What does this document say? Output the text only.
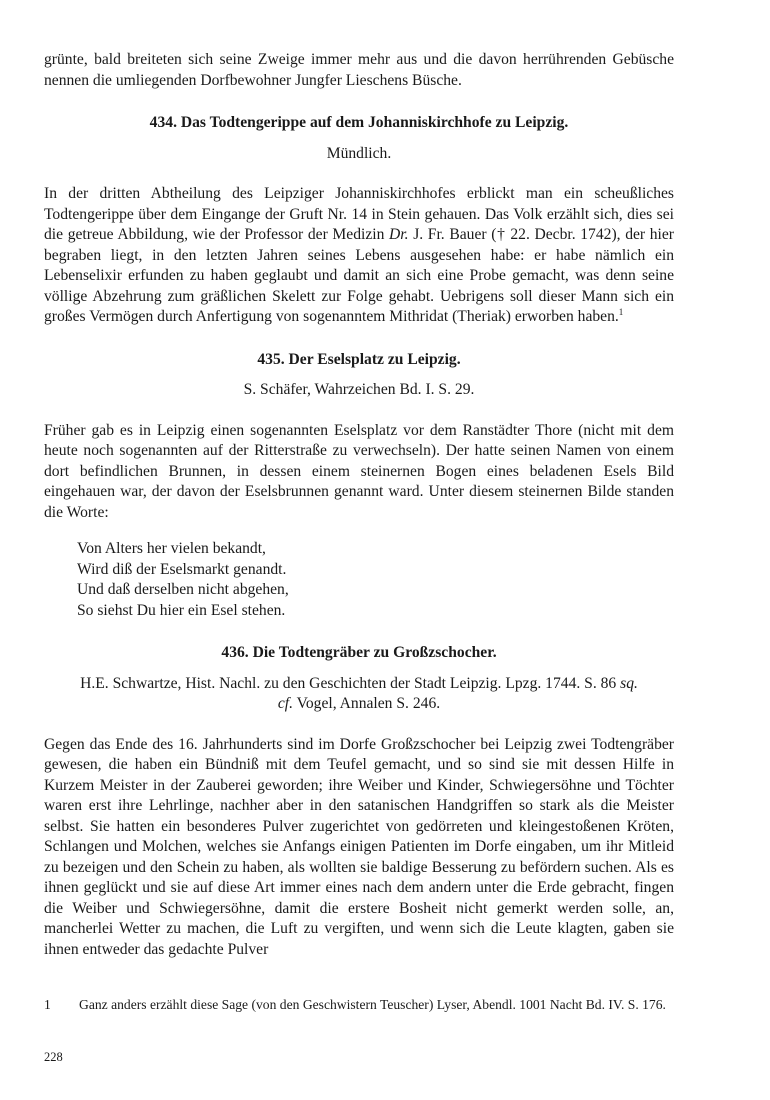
grünte, bald breiteten sich seine Zweige immer mehr aus und die davon herrührenden Gebüsche nennen die umliegenden Dorfbewohner Jungfer Lieschens Büsche.

434. Das Todtengerippe auf dem Johanniskirchhofe zu Leipzig.

Mündlich.

In der dritten Abtheilung des Leipziger Johanniskirchhofes erblickt man ein scheußliches Todtengerippe über dem Eingange der Gruft Nr. 14 in Stein gehauen. Das Volk erzählt sich, dies sei die getreue Abbildung, wie der Professor der Medizin Dr. J. Fr. Bauer († 22. Decbr. 1742), der hier begraben liegt, in den letzten Jahren seines Lebens ausgesehen habe: er habe nämlich ein Lebenselixir erfunden zu haben geglaubt und damit an sich eine Probe gemacht, was denn seine völlige Abzehrung zum gräßlichen Skelett zur Folge gehabt. Uebrigens soll dieser Mann sich ein großes Vermögen durch Anfertigung von sogenanntem Mithridat (Theriak) erworben haben.$^1$

435. Der Eselsplatz zu Leipzig.

S. Schäfer, Wahrzeichen Bd. I. S. 29.

Früher gab es in Leipzig einen sogenannten Eselsplatz vor dem Ranstädter Thore (nicht mit dem heute noch sogenannten auf der Ritterstraße zu verwechseln). Der hatte seinen Namen von einem dort befindlichen Brunnen, in dessen einem steinernen Bogen eines beladenen Esels Bild eingehauen war, der davon der Eselsbrunnen genannt ward. Unter diesem steinernen Bilde standen die Worte:

Von Alters her vielen bekandt,
Wird diß der Eselsmarkt genandt.
Und daß derselben nicht abgehen,
So siehst Du hier ein Esel stehen.

436. Die Todtengräber zu Großzschocher.

H.E. Schwartze, Hist. Nachl. zu den Geschichten der Stadt Leipzig. Lpzg. 1744. S. 86 sq.
cf. Vogel, Annalen S. 246.

Gegen das Ende des 16. Jahrhunderts sind im Dorfe Großzschocher bei Leipzig zwei Todtengräber gewesen, die haben ein Bündniß mit dem Teufel gemacht, und so sind sie mit dessen Hilfe in Kurzem Meister in der Zauberei geworden; ihre Weiber und Kinder, Schwiegersöhne und Töchter waren erst ihre Lehrlinge, nachher aber in den satanischen Handgriffen so stark als die Meister selbst. Sie hatten ein besonderes Pulver zugerichtet von gedörreten und kleingestoßenen Kröten, Schlangen und Molchen, welches sie Anfangs einigen Patienten im Dorfe eingaben, um ihr Mitleid zu bezeigen und den Schein zu haben, als wollten sie baldige Besserung zu befördern suchen. Als es ihnen geglückt und sie auf diese Art immer eines nach dem andern unter die Erde gebracht, fingen die Weiber und Schwiegersöhne, damit die erstere Bosheit nicht gemerkt werden solle, an, mancherlei Wetter zu machen, die Luft zu vergiften, und wenn sich die Leute klagten, gaben sie ihnen entweder das gedachte Pulver

1	Ganz anders erzählt diese Sage (von den Geschwistern Teuscher) Lyser, Abendl. 1001 Nacht Bd. IV. S. 176.
228
